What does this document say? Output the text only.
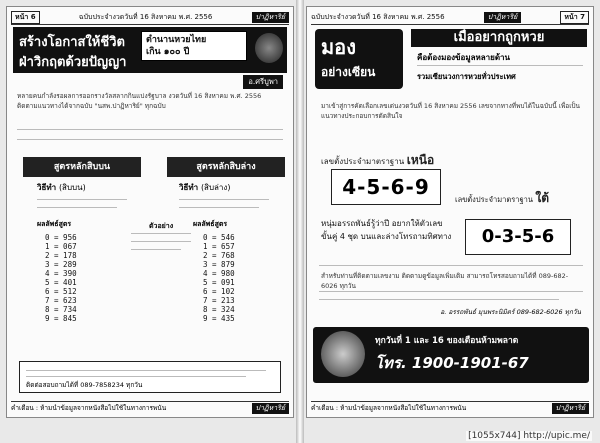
หน้า 6	ฉบับประจำงวดวันที่ 16 สิงหาคม พ.ศ. 2556	ปาฏิหาริย์
สร้างโอกาสให้ชีวิต
ฝ่าวิกฤตด้วยปัญญา
ตำนานหวยไทย
เกิน ๑๐๐ ปี
อ.ศรีบูพา
หลายคนกำลังรอผลการออกรางวัลสลากกินแบ่งรัฐบาล งวดวันที่ 16 สิงหาคม พ.ศ. 2556 ติดตามแนวทางได้จากฉบับ "นสพ.ปาฏิหาริย์" ทุกฉบับ
สูตรหลักสิบบน	สูตรหลักสิบล่าง
วิธีทำ (สิบบน)	วิธีทำ (สิบล่าง)
ตัวอย่าง
ผลลัพธ์สูตร	ผลลัพธ์สูตร
0 = 956
1 = 067
2 = 178
3 = 289
4 = 390
5 = 401
6 = 512
7 = 623
8 = 734
9 = 845
0 = 546
1 = 657
2 = 768
3 = 879
4 = 980
5 = 091
6 = 102
7 = 213
8 = 324
9 = 435
ติดต่อสอบถามได้ที่ 089-7858234 ทุกวัน
คำเตือน : ห้ามนำข้อมูลจากหนังสือไปใช้ในทางการพนัน	ปาฏิหาริย์
ฉบับประจำงวดวันที่ 16 สิงหาคม พ.ศ. 2556	ปาฏิหาริย์	หน้า 7
มอง
อย่างเซียน
เมื่ออยากถูกหวย
คือต้องมองข้อมูลหลายด้าน
รวมเซียนวงการหวยทั่วประเทศ
มาเข้าสู่การคัดเลือกเลขเด่นงวดวันที่ 16 สิงหาคม 2556 เลขจากทางที่พบได้ในฉบับนี้ เพื่อเป็นแนวทางประกอบการตัดสินใจ
เลขตั้งประจำมาตราฐาน เหนือ
4-5-6-9
เลขตั้งประจำมาตราฐาน ใต้
0-3-5-6
หนุ่มอรรถพันธ์รู้ว่าปี อยากให้ตัวเลขขั้นคู่ 4 ชุด บนและล่างโทรถามทิศทาง
สำหรับท่านที่ติดตามเลขงาม ติดตามดูข้อมูลเพิ่มเติม สามารถโทรสอบถามได้ที่ 089-682-6026 ทุกวัน
อ. อรรถพันธ์ มุนพระนิมิตร์ 089-682-6026 ทุกวัน
ทุกวันที่ 1 และ 16 ของเดือนห้ามพลาด
โทร. 1900-1901-67
คำเตือน : ห้ามนำข้อมูลจากหนังสือไปใช้ในทางการพนัน	ปาฏิหาริย์
[1055x744] http://upic.me/
